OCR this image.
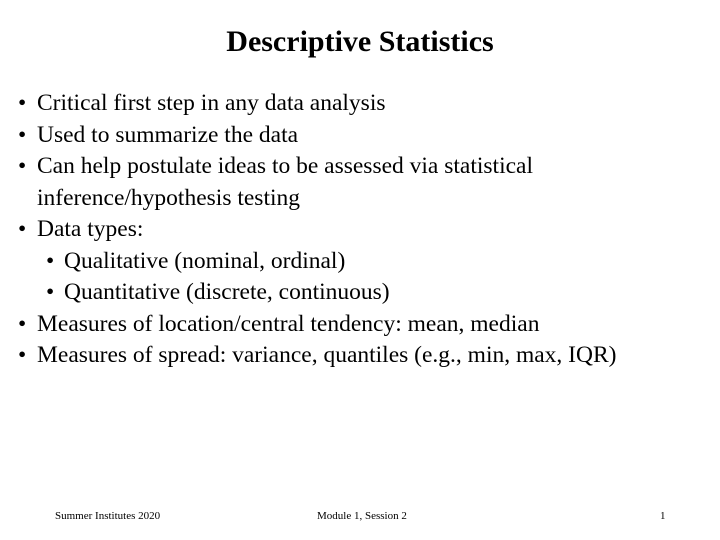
Descriptive Statistics
• Critical first step in any data analysis
• Used to summarize the data
• Can help postulate ideas to be assessed via statistical
inference/hypothesis testing
• Data types:
• Qualitative (nominal, ordinal)
• Quantitative (discrete, continuous)
• Measures of location/central tendency: mean, median
• Measures of spread: variance, quantiles (e.g., min, max, IQR)
Summer Institutes 2020	Module 1, Session 2	1
